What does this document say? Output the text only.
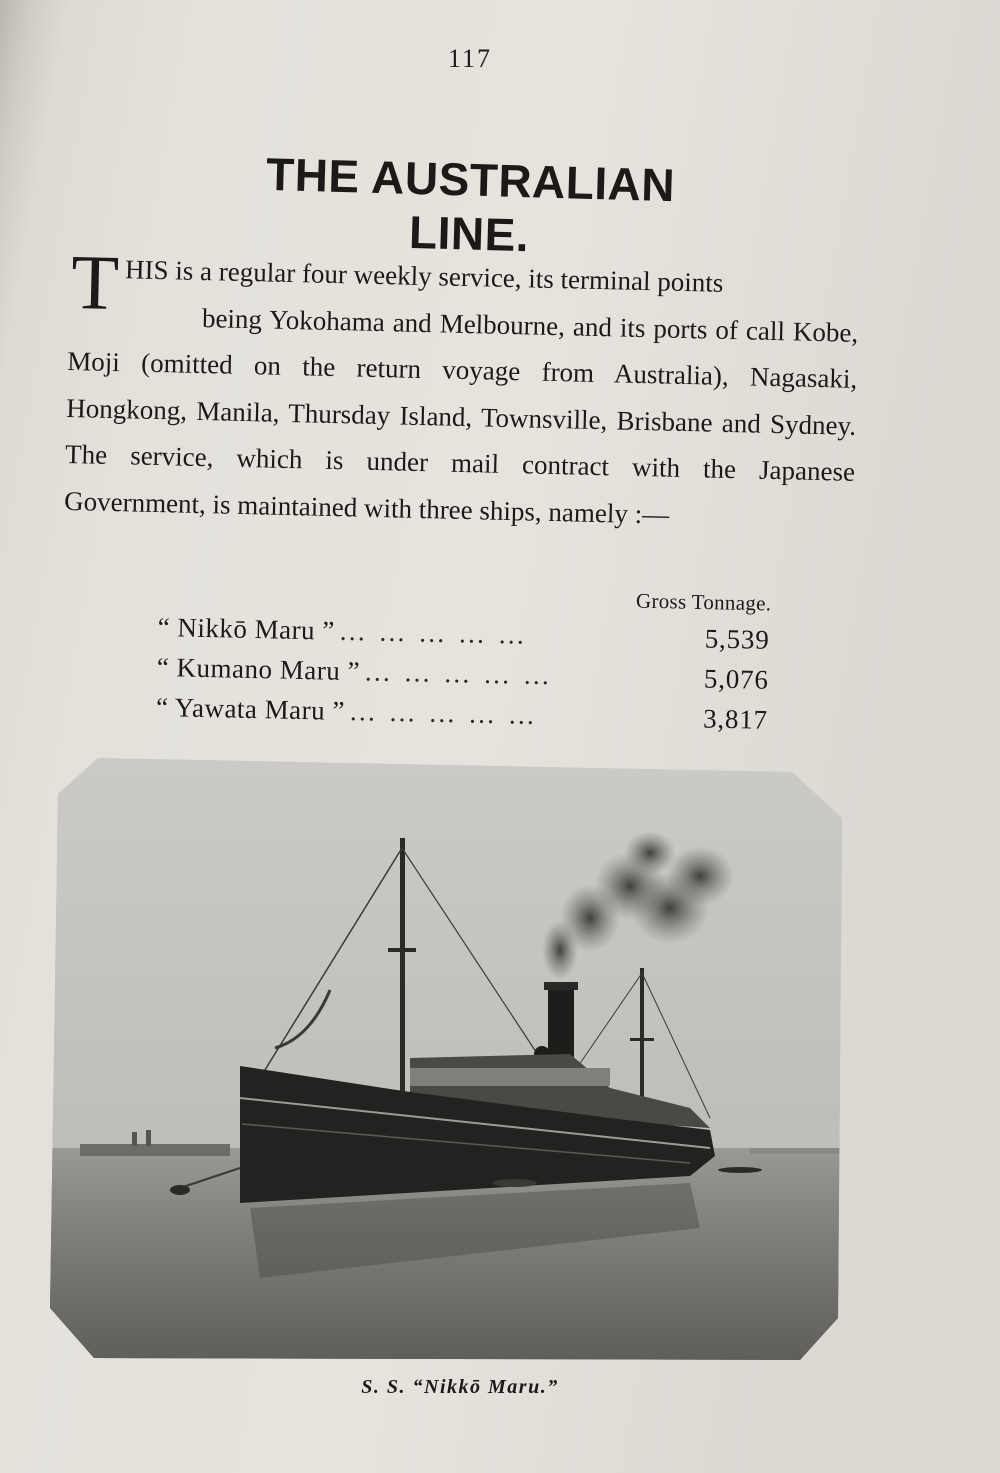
117
THE AUSTRALIAN LINE.
T HIS is a regular four weekly service, its terminal points
being Yokohama and Melbourne, and its ports of call Kobe, Moji (omitted on the return voyage from Australia), Nagasaki, Hongkong, Manila, Thursday Island, Townsville, Brisbane and Sydney. The service, which is under mail contract with the Japanese Government, is maintained with three ships, namely :—
Gross Tonnage.
“ Nikkō Maru ” … … … … …	5,539
“ Kumano Maru ” … … … … …	5,076
“ Yawata Maru ” … … … … …	3,817
S. S. “Nikkō Maru.”
